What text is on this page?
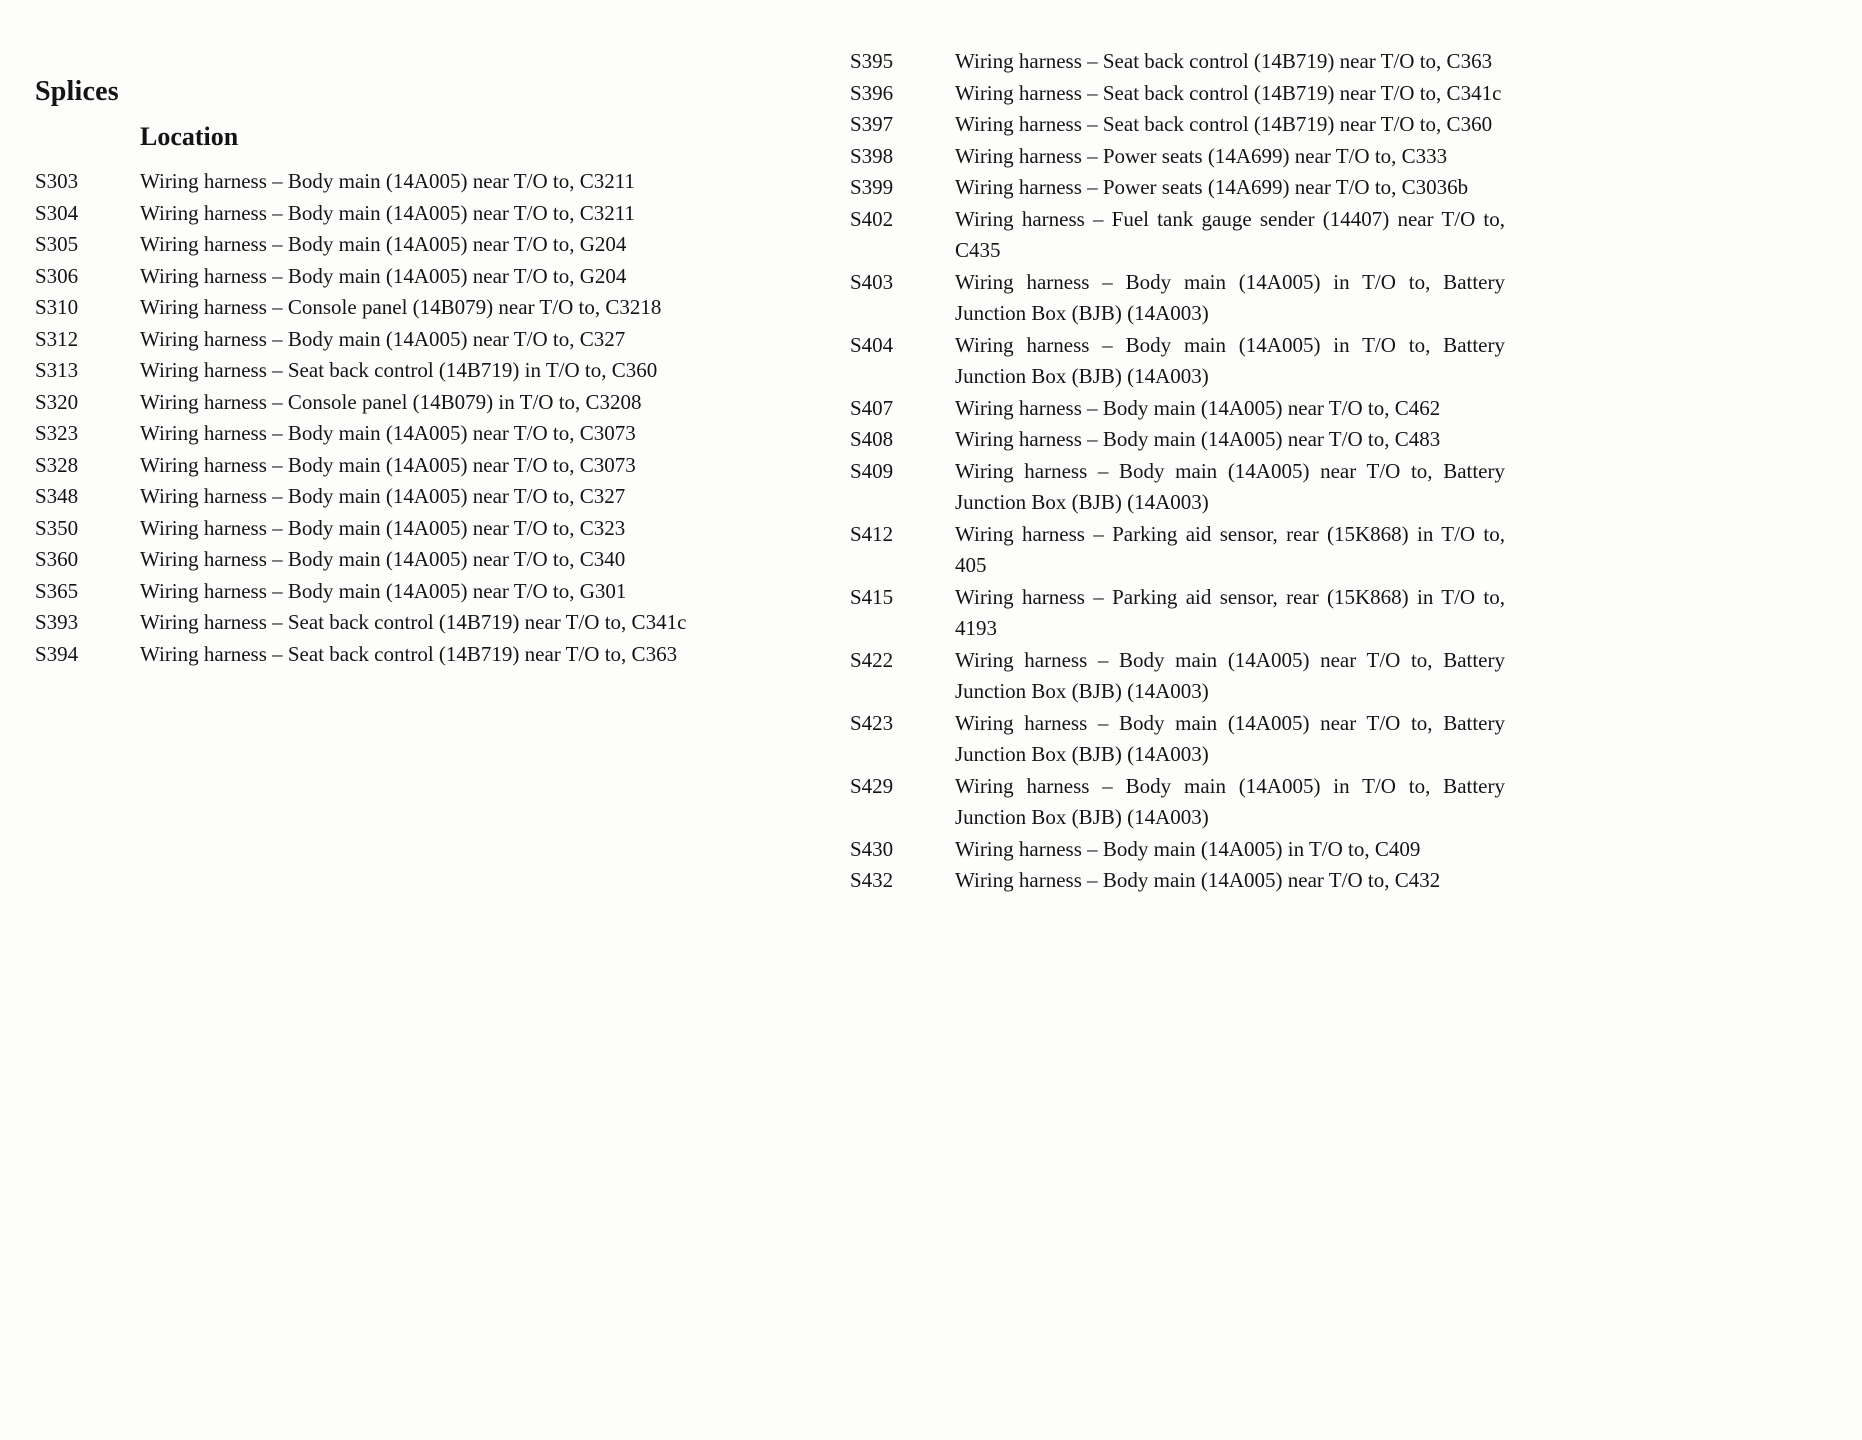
Splices
Location
S303	Wiring harness – Body main (14A005) near T/O to, C3211
S304	Wiring harness – Body main (14A005) near T/O to, C3211
S305	Wiring harness – Body main (14A005) near T/O to, G204
S306	Wiring harness – Body main (14A005) near T/O to, G204
S310	Wiring harness – Console panel (14B079) near T/O to, C3218
S312	Wiring harness – Body main (14A005) near T/O to, C327
S313	Wiring harness – Seat back control (14B719) in T/O to, C360
S320	Wiring harness – Console panel (14B079) in T/O to, C3208
S323	Wiring harness – Body main (14A005) near T/O to, C3073
S328	Wiring harness – Body main (14A005) near T/O to, C3073
S348	Wiring harness – Body main (14A005) near T/O to, C327
S350	Wiring harness – Body main (14A005) near T/O to, C323
S360	Wiring harness – Body main (14A005) near T/O to, C340
S365	Wiring harness – Body main (14A005) near T/O to, G301
S393	Wiring harness – Seat back control (14B719) near T/O to, C341c
S394	Wiring harness – Seat back control (14B719) near T/O to, C363
S395	Wiring harness – Seat back control (14B719) near T/O to, C363
S396	Wiring harness – Seat back control (14B719) near T/O to, C341c
S397	Wiring harness – Seat back control (14B719) near T/O to, C360
S398	Wiring harness – Power seats (14A699) near T/O to, C333
S399	Wiring harness – Power seats (14A699) near T/O to, C3036b
S402	Wiring harness – Fuel tank gauge sender (14407) near T/O to, C435
S403	Wiring harness – Body main (14A005) in T/O to, Battery Junction Box (BJB) (14A003)
S404	Wiring harness – Body main (14A005) in T/O to, Battery Junction Box (BJB) (14A003)
S407	Wiring harness – Body main (14A005) near T/O to, C462
S408	Wiring harness – Body main (14A005) near T/O to, C483
S409	Wiring harness – Body main (14A005) near T/O to, Battery Junction Box (BJB) (14A003)
S412	Wiring harness – Parking aid sensor, rear (15K868) in T/O to, 405
S415	Wiring harness – Parking aid sensor, rear (15K868) in T/O to, 4193
S422	Wiring harness – Body main (14A005) near T/O to, Battery Junction Box (BJB) (14A003)
S423	Wiring harness – Body main (14A005) near T/O to, Battery Junction Box (BJB) (14A003)
S429	Wiring harness – Body main (14A005) in T/O to, Battery Junction Box (BJB) (14A003)
S430	Wiring harness – Body main (14A005) in T/O to, C409
S432	Wiring harness – Body main (14A005) near T/O to, C432
